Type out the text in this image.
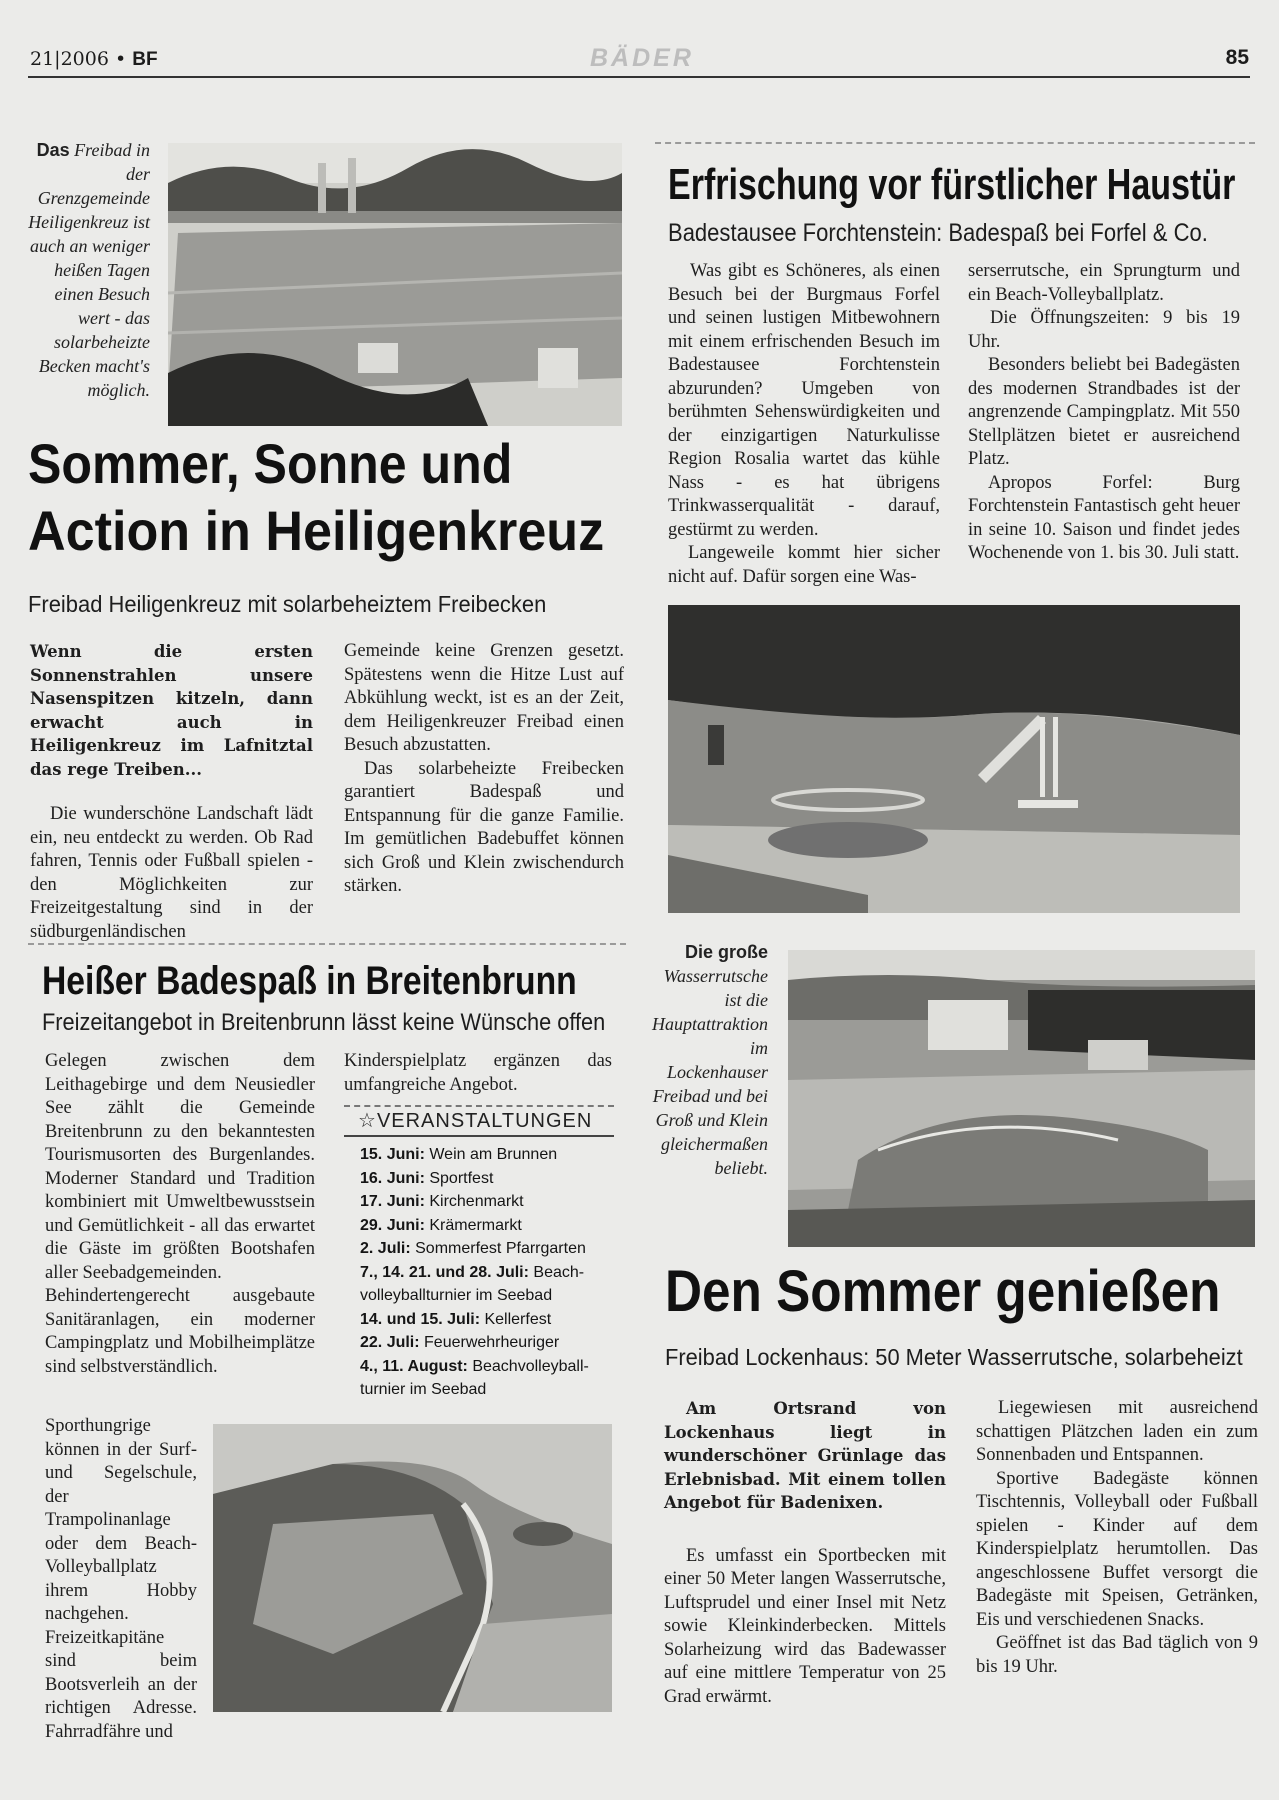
21|2006 • BF	BÄDER	85
Das Freibad in der Grenzgemeinde Heiligenkreuz ist auch an weniger heißen Tagen einen Besuch wert - das solarbeheizte Becken macht's möglich.
Sommer, Sonne und
Action in Heiligenkreuz
Freibad Heiligenkreuz mit solarbeheiztem Freibecken

Wenn die ersten Sonnenstrahlen unsere Nasenspitzen kitzeln, dann erwacht auch in Heiligenkreuz im Lafnitztal das rege Treiben...

Die wunderschöne Landschaft lädt ein, neu entdeckt zu werden. Ob Rad fahren, Tennis oder Fußball spielen - den Möglichkeiten zur Freizeitgestaltung sind in der südburgenländischen

Gemeinde keine Grenzen gesetzt. Spätestens wenn die Hitze Lust auf Abkühlung weckt, ist es an der Zeit, dem Heiligenkreuzer Freibad einen Besuch abzustatten.

Das solarbeheizte Freibecken garantiert Badespaß und Entspannung für die ganze Familie. Im gemütlichen Badebuffet können sich Groß und Klein zwischendurch stärken.

Erfrischung vor fürstlicher Haustür
Badestausee Forchtenstein: Badespaß bei Forfel & Co.

Was gibt es Schöneres, als einen Besuch bei der Burgmaus Forfel und seinen lustigen Mitbewohnern mit einem erfrischenden Besuch im Badestausee Forchtenstein abzurunden? Umgeben von berühmten Sehenswürdigkeiten und der einzigartigen Naturkulisse Region Rosalia wartet das kühle Nass - es hat übrigens Trinkwasserqualität - darauf, gestürmt zu werden.

Langeweile kommt hier sicher nicht auf. Dafür sorgen eine Was-

serserrutsche, ein Sprungturm und ein Beach-Volleyballplatz.

Die Öffnungszeiten: 9 bis 19 Uhr.

Besonders beliebt bei Badegästen des modernen Strandbades ist der angrenzende Campingplatz. Mit 550 Stellplätzen bietet er ausreichend Platz.

Apropos Forfel: Burg Forchtenstein Fantastisch geht heuer in seine 10. Saison und findet jedes Wochenende von 1. bis 30. Juli statt.

Heißer Badespaß in Breitenbrunn
Freizeitangebot in Breitenbrunn lässt keine Wünsche offen

Gelegen zwischen dem Leithagebirge und dem Neusiedler See zählt die Gemeinde Breitenbrunn zu den bekanntesten Tourismusorten des Burgenlandes. Moderner Standard und Tradition kombiniert mit Umweltbewusstsein und Gemütlichkeit - all das erwartet die Gäste im größten Bootshafen aller Seebadgemeinden.

Behindertengerecht ausgebaute Sanitäranlagen, ein moderner Campingplatz und Mobilheimplätze sind selbstverständlich.

Sporthungrige können in der Surf- und Segelschule, der Trampolinanlage oder dem Beach-Volleyballplatz ihrem Hobby nachgehen. Freizeitkapitäne sind beim Bootsverleih an der richtigen Adresse. Fahrradfähre und

Kinderspielplatz ergänzen das umfangreiche Angebot.

☆VERANSTALTUNGEN
15. Juni: Wein am Brunnen
16. Juni: Sportfest
17. Juni: Kirchenmarkt
29. Juni: Krämermarkt
2. Juli: Sommerfest Pfarrgarten
7., 14. 21. und 28. Juli: Beach-
volleyballturnier im Seebad
14. und 15. Juli: Kellerfest
22. Juli: Feuerwehrheuriger
4., 11. August: Beachvolleyball-
turnier im Seebad
Die große
Wasserrutsche ist die Hauptattraktion im Lockenhauser Freibad und bei Groß und Klein gleichermaßen beliebt.
Den Sommer genießen
Freibad Lockenhaus: 50 Meter Wasserrutsche, solarbeheizt

Am Ortsrand von Lockenhaus liegt in wunderschöner Grünlage das Erlebnisbad. Mit einem tollen Angebot für Badenixen.

Es umfasst ein Sportbecken mit einer 50 Meter langen Wasserrutsche, Luftsprudel und einer Insel mit Netz sowie Kleinkinderbecken. Mittels Solarheizung wird das Badewasser auf eine mittlere Temperatur von 25 Grad erwärmt.

Liegewiesen mit ausreichend schattigen Plätzchen laden ein zum Sonnenbaden und Entspannen.

Sportive Badegäste können Tischtennis, Volleyball oder Fußball spielen - Kinder auf dem Kinderspielplatz herumtollen. Das angeschlossene Buffet versorgt die Badegäste mit Speisen, Getränken, Eis und verschiedenen Snacks.

Geöffnet ist das Bad täglich von 9 bis 19 Uhr.
